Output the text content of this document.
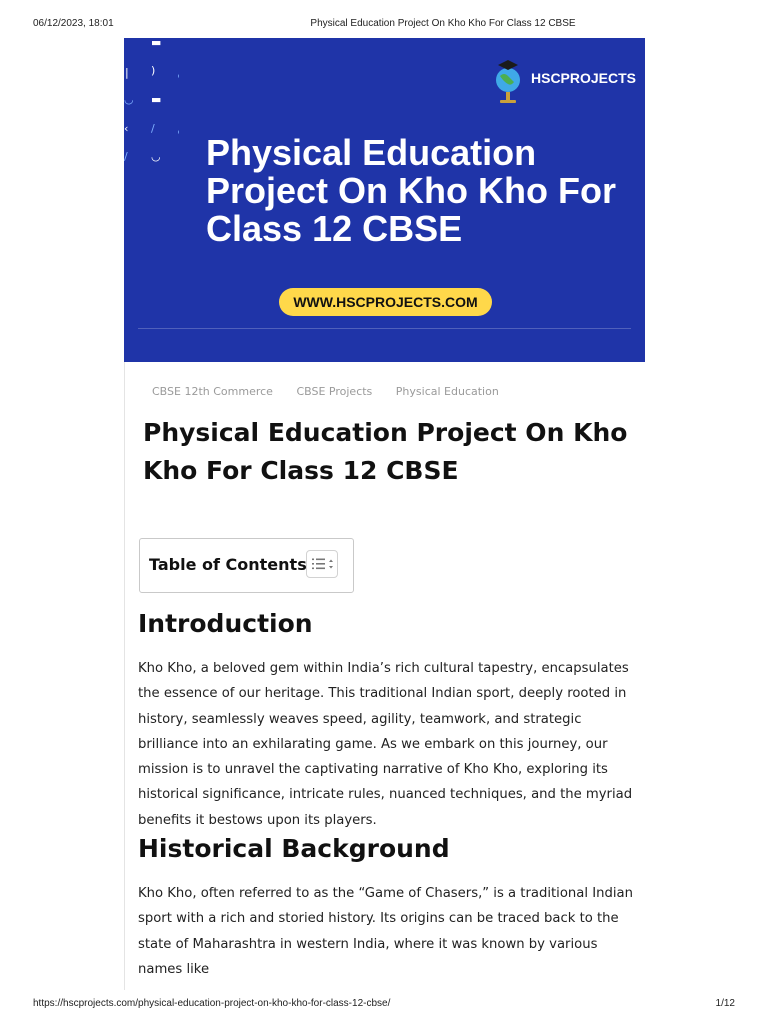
06/12/2023, 18:01	Physical Education Project On Kho Kho For Class 12 CBSE
▬
| ) ˌ
◡ ▬
‹ / ˌ
/ ◡
HSCPROJECTS
Physical Education Project On Kho Kho For Class 12 CBSE
WWW.HSCPROJECTS.COM
CBSE 12th Commerce CBSE Projects Physical Education
Physical Education Project On Kho Kho For Class 12 CBSE
Table of Contents
Introduction

Kho Kho, a beloved gem within India’s rich cultural tapestry, encapsulates the essence of our heritage. This traditional Indian sport, deeply rooted in history, seamlessly weaves speed, agility, teamwork, and strategic brilliance into an exhilarating game. As we embark on this journey, our mission is to unravel the captivating narrative of Kho Kho, exploring its historical significance, intricate rules, nuanced techniques, and the myriad benefits it bestows upon its players.

Historical Background

Kho Kho, often referred to as the “Game of Chasers,” is a traditional Indian sport with a rich and storied history. Its origins can be traced back to the state of Maharashtra in western India, where it was known by various names like

https://hscprojects.com/physical-education-project-on-kho-kho-for-class-12-cbse/	1/12
